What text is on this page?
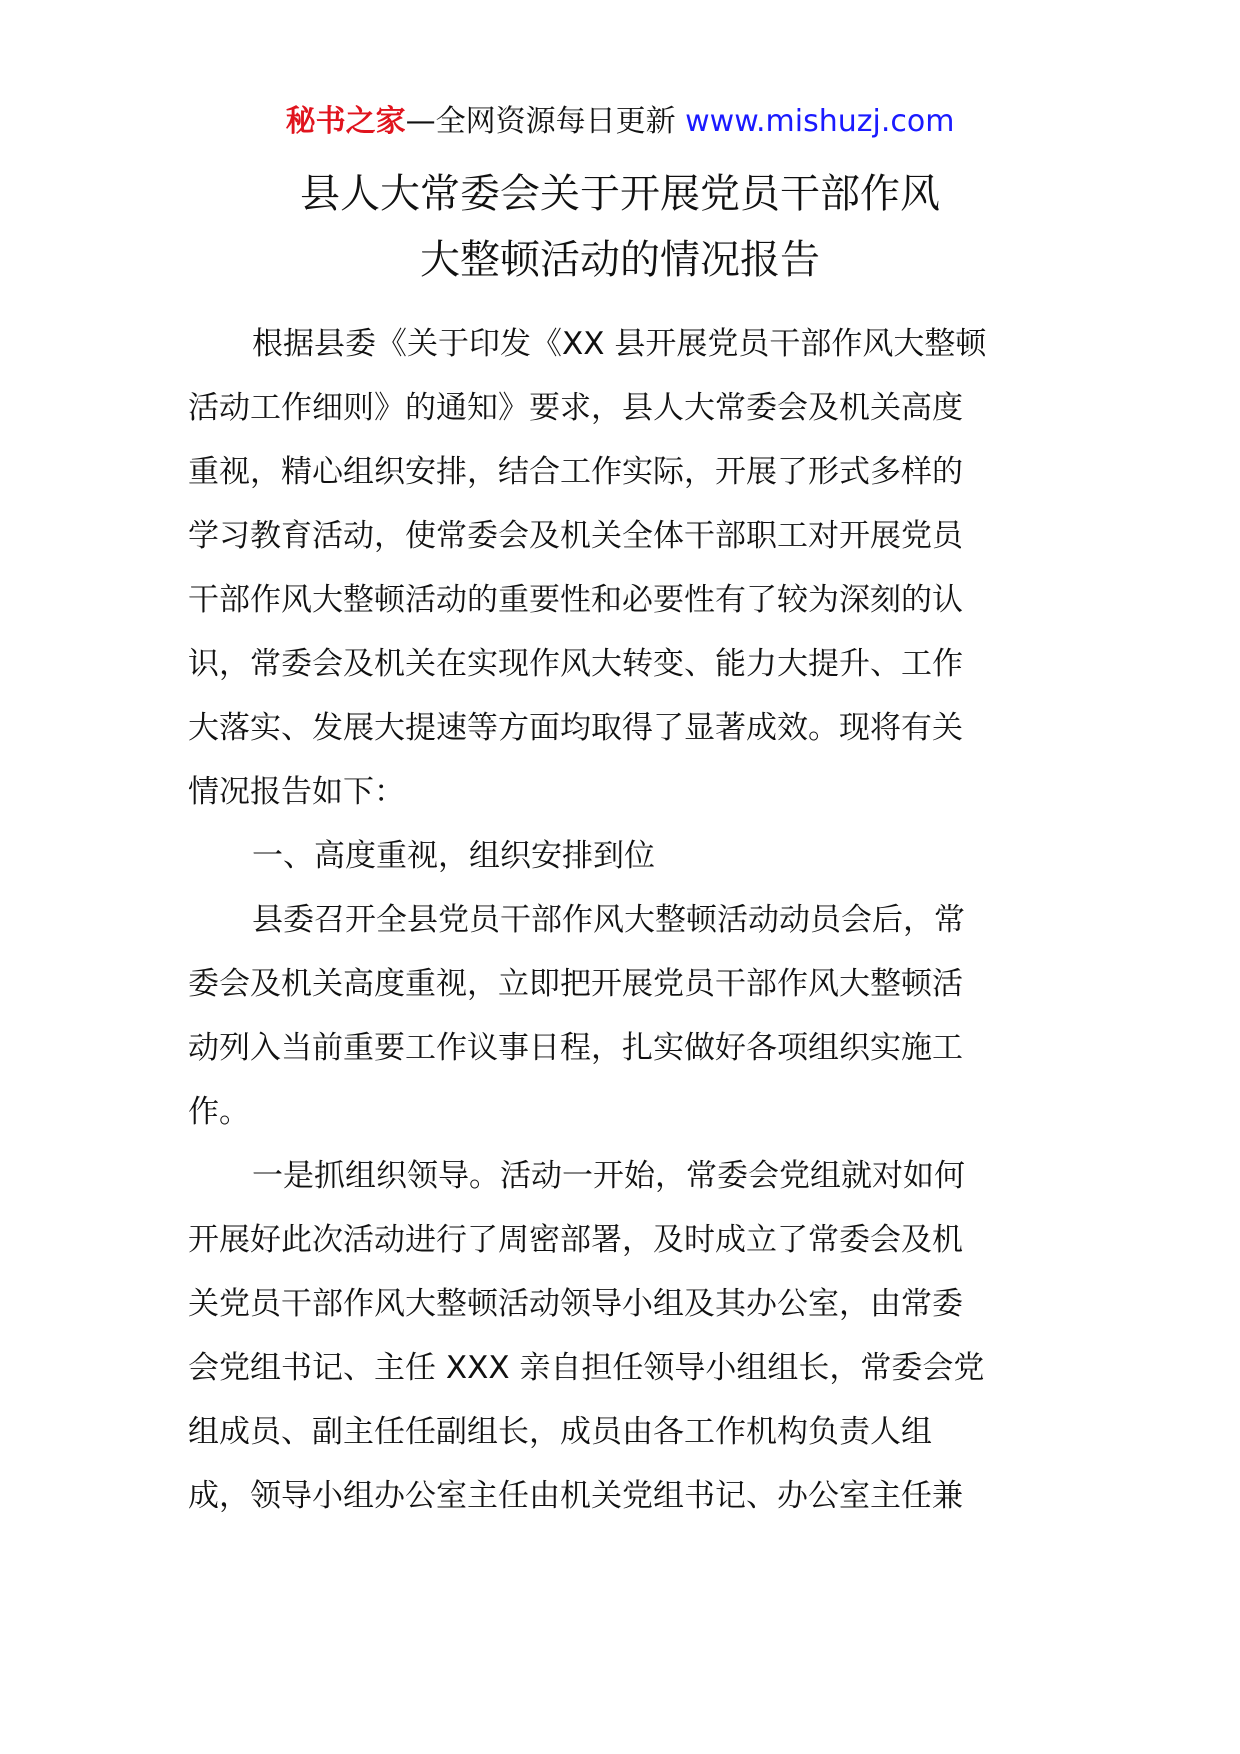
秘书之家—全网资源每日更新 www.mishuzj.com
县人大常委会关于开展党员干部作风
大整顿活动的情况报告
根据县委《关于印发《XX 县开展党员干部作风大整顿
活动工作细则》的通知》要求，县人大常委会及机关高度
重视，精心组织安排，结合工作实际，开展了形式多样的
学习教育活动，使常委会及机关全体干部职工对开展党员
干部作风大整顿活动的重要性和必要性有了较为深刻的认
识，常委会及机关在实现作风大转变、能力大提升、工作
大落实、发展大提速等方面均取得了显著成效。现将有关
情况报告如下：
一、高度重视，组织安排到位
县委召开全县党员干部作风大整顿活动动员会后，常
委会及机关高度重视，立即把开展党员干部作风大整顿活
动列入当前重要工作议事日程，扎实做好各项组织实施工
作。
一是抓组织领导。活动一开始，常委会党组就对如何
开展好此次活动进行了周密部署，及时成立了常委会及机
关党员干部作风大整顿活动领导小组及其办公室，由常委
会党组书记、主任 XXX 亲自担任领导小组组长，常委会党
组成员、副主任任副组长，成员由各工作机构负责人组
成，领导小组办公室主任由机关党组书记、办公室主任兼
